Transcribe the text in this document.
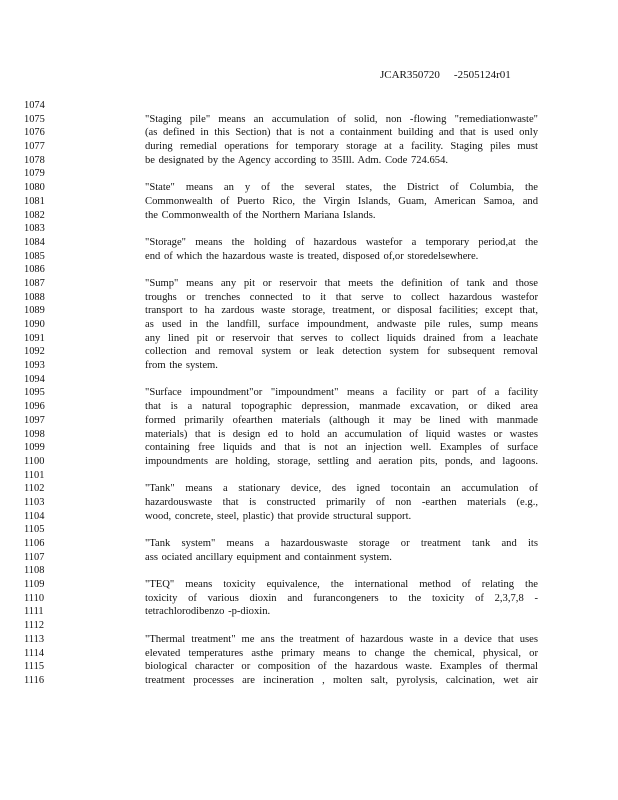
JCAR350720 -2505124r01
1074
1075
1076
1077
1078
1079
1080
1081
1082
1083
1084
1085
1086
1087
1088
1089
1090
1091
1092
1093
1094
1095
1096
1097
1098
1099
1100
1101
1102
1103
1104
1105
1106
1107
1108
1109
1110
1111
1112
1113
1114
1115
1116
"Staging pile" means an accumulation of solid, non -flowing "remediationwaste"
(as defined in this Section) that is not a containment building and that is used only
during remedial operations for temporary storage at a facility. Staging piles must
be designated by the Agency according to 35Ill. Adm. Code 724.654.
"State" means an y of the several states, the District of Columbia, the
Commonwealth of Puerto Rico, the Virgin Islands, Guam, American Samoa, and
the Commonwealth of the Northern Mariana Islands.
"Storage" means the holding of hazardous wastefor a temporary period,at the
end of which the hazardous waste is treated, disposed of,or storedelsewhere.
"Sump" means any pit or reservoir that meets the definition of tank and those
troughs or trenches connected to it that serve to collect hazardous wastefor
transport to ha zardous waste storage, treatment, or disposal facilities; except that,
as used in the landfill, surface impoundment, andwaste pile rules, sump means
any lined pit or reservoir that serves to collect liquids drained from a leachate
collection and removal system or leak detection system for subsequent removal
from the system.
"Surface impoundment"or "impoundment" means a facility or part of a facility
that is a natural topographic depression, manmade excavation, or diked area
formed primarily ofearthen materials (although it may be lined with manmade
materials) that is design ed to hold an accumulation of liquid wastes or wastes
containing free liquids and that is not an injection well. Examples of surface
impoundments are holding, storage, settling and aeration pits, ponds, and lagoons.
"Tank" means a stationary device, des igned tocontain an accumulation of
hazardouswaste that is constructed primarily of non -earthen materials (e.g.,
wood, concrete, steel, plastic) that provide structural support.
"Tank system" means a hazardouswaste storage or treatment tank and its
ass ociated ancillary equipment and containment system.
"TEQ" means toxicity equivalence, the international method of relating the
toxicity of various dioxin and furancongeners to the toxicity of 2,3,7,8 -
tetrachlorodibenzo -p-dioxin.
"Thermal treatment" me ans the treatment of hazardous waste in a device that uses
elevated temperatures asthe primary means to change the chemical, physical, or
biological character or composition of the hazardous waste. Examples of thermal
treatment processes are incineration , molten salt, pyrolysis, calcination, wet air
